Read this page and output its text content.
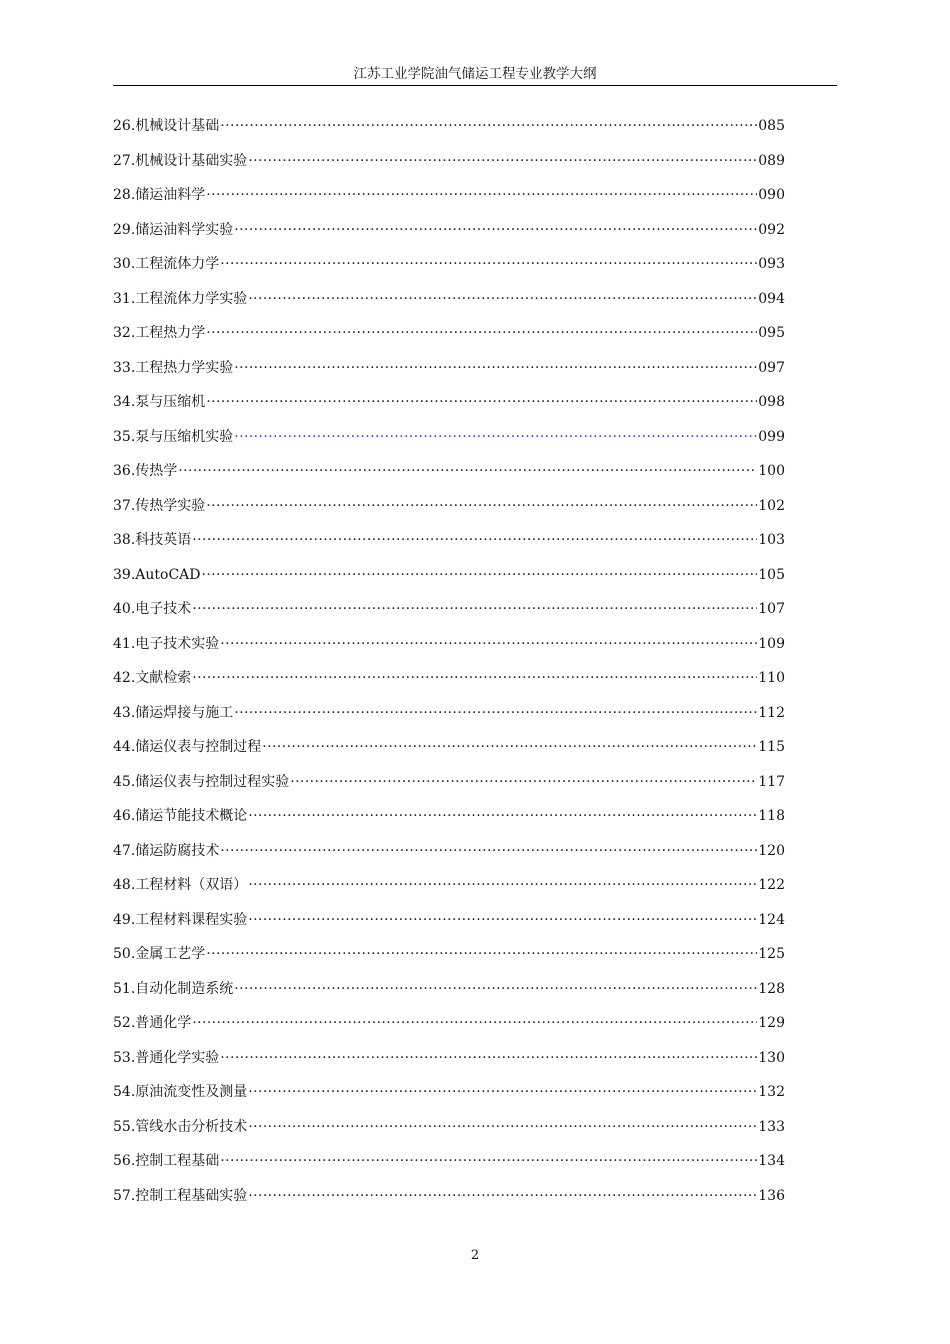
江苏工业学院油气储运工程专业教学大纲
26.机械设计基础 ·····	085
27.机械设计基础实验 ·····	089
28.储运油料学 ·····	090
29.储运油料学实验 ·····	092
30.工程流体力学 ·····	093
31.工程流体力学实验 ·····	094
32.工程热力学 ·····	095
33.工程热力学实验 ·····	097
34.泵与压缩机 ·····	098
35.泵与压缩机实验 ·····	099
36.传热学 ·····	100
37.传热学实验 ·····	102
38.科技英语 ·····	103
39.AutoCAD ·····	105
40.电子技术 ·····	107
41.电子技术实验 ·····	109
42.文献检索 ·····	110
43.储运焊接与施工 ·····	112
44.储运仪表与控制过程 ·····	115
45.储运仪表与控制过程实验 ·····	117
46.储运节能技术概论 ·····	118
47.储运防腐技术 ·····	120
48.工程材料（双语） ·····	122
49.工程材料课程实验 ·····	124
50.金属工艺学 ·····	125
51.自动化制造系统 ·····	128
52.普通化学 ·····	129
53.普通化学实验 ·····	130
54.原油流变性及测量 ·····	132
55.管线水击分析技术 ·····	133
56.控制工程基础 ·····	134
57.控制工程基础实验 ·····	136
2
